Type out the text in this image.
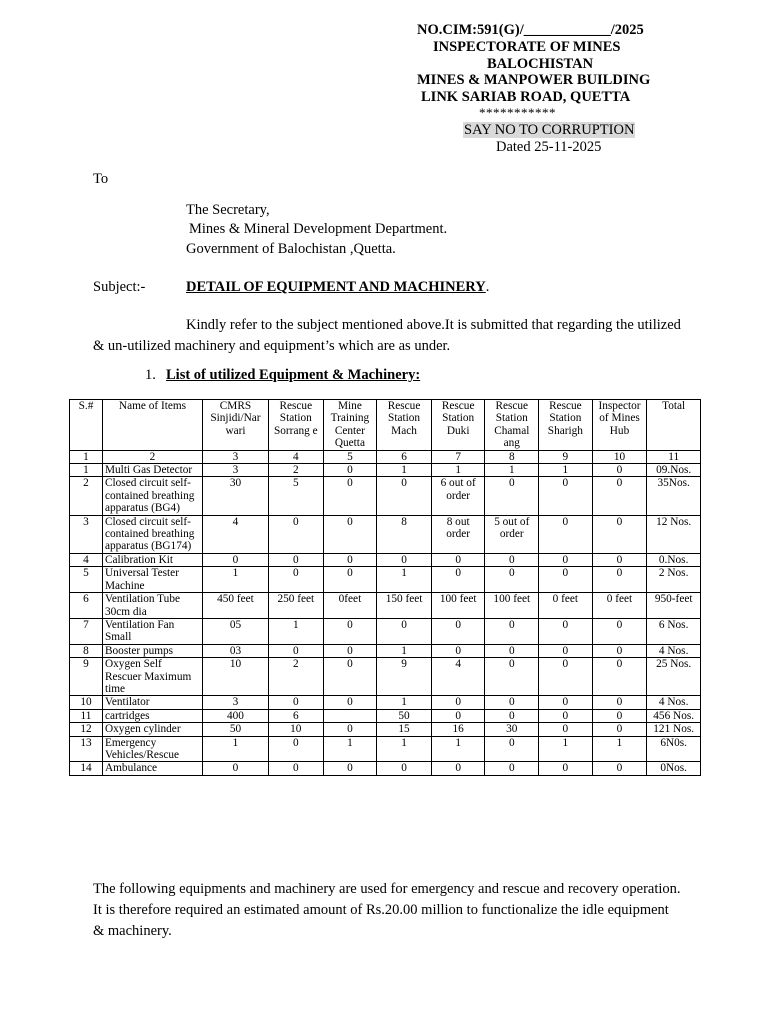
NO.CIM:591(G)/____________/2025
INSPECTORATE OF MINES
BALOCHISTAN
MINES & MANPOWER BUILDING
LINK SARIAB ROAD, QUETTA
***********
SAY NO TO CORRUPTION
Dated 25-11-2025
To
The Secretary,
Mines & Mineral Development Department.
Government of Balochistan ,Quetta.
Subject:-	DETAIL OF EQUIPMENT AND MACHINERY.
Kindly refer to the subject mentioned above.It is submitted that regarding the utilized & un-utilized machinery and equipment’s which are as under.
1. List of utilized Equipment & Machinery:
S.#	Name of Items	CMRS Sinjidi/Nar wari	Rescue Station Sorrang e	Mine Training Center Quetta	Rescue Station Mach	Rescue Station Duki	Rescue Station Chamal ang	Rescue Station Sharigh	Inspector of Mines Hub	Total
1	2	3	4	5	6	7	8	9	10	11
1	Multi Gas Detector	3	2	0	1	1	1	1	0	09.Nos.
2	Closed circuit self-contained breathing apparatus (BG4)	30	5	0	0	6 out of order	0	0	0	35Nos.
3	Closed circuit self-contained breathing apparatus (BG174)	4	0	0	8	8 out order	5 out of order	0	0	12 Nos.
4	Calibration Kit	0	0	0	0	0	0	0	0	0.Nos.
5	Universal Tester Machine	1	0	0	1	0	0	0	0	2 Nos.
6	Ventilation Tube 30cm dia	450 feet	250 feet	0feet	150 feet	100 feet	100 feet	0 feet	0 feet	950-feet
7	Ventilation Fan Small	05	1	0	0	0	0	0	0	6 Nos.
8	Booster pumps	03	0	0	1	0	0	0	0	4 Nos.
9	Oxygen Self Rescuer Maximum time	10	2	0	9	4	0	0	0	25 Nos.
10	Ventilator	3	0	0	1	0	0	0	0	4 Nos.
11	cartridges	400	6		50	0	0	0	0	456 Nos.
12	Oxygen cylinder	50	10	0	15	16	30	0	0	121 Nos.
13	Emergency Vehicles/Rescue	1	0	1	1	1	0	1	1	6N0s.
14	Ambulance	0	0	0	0	0	0	0	0	0Nos.
The following equipments and machinery are used for emergency and rescue and recovery operation. It is therefore required an estimated amount of Rs.20.00 million to functionalize the idle equipment & machinery.
